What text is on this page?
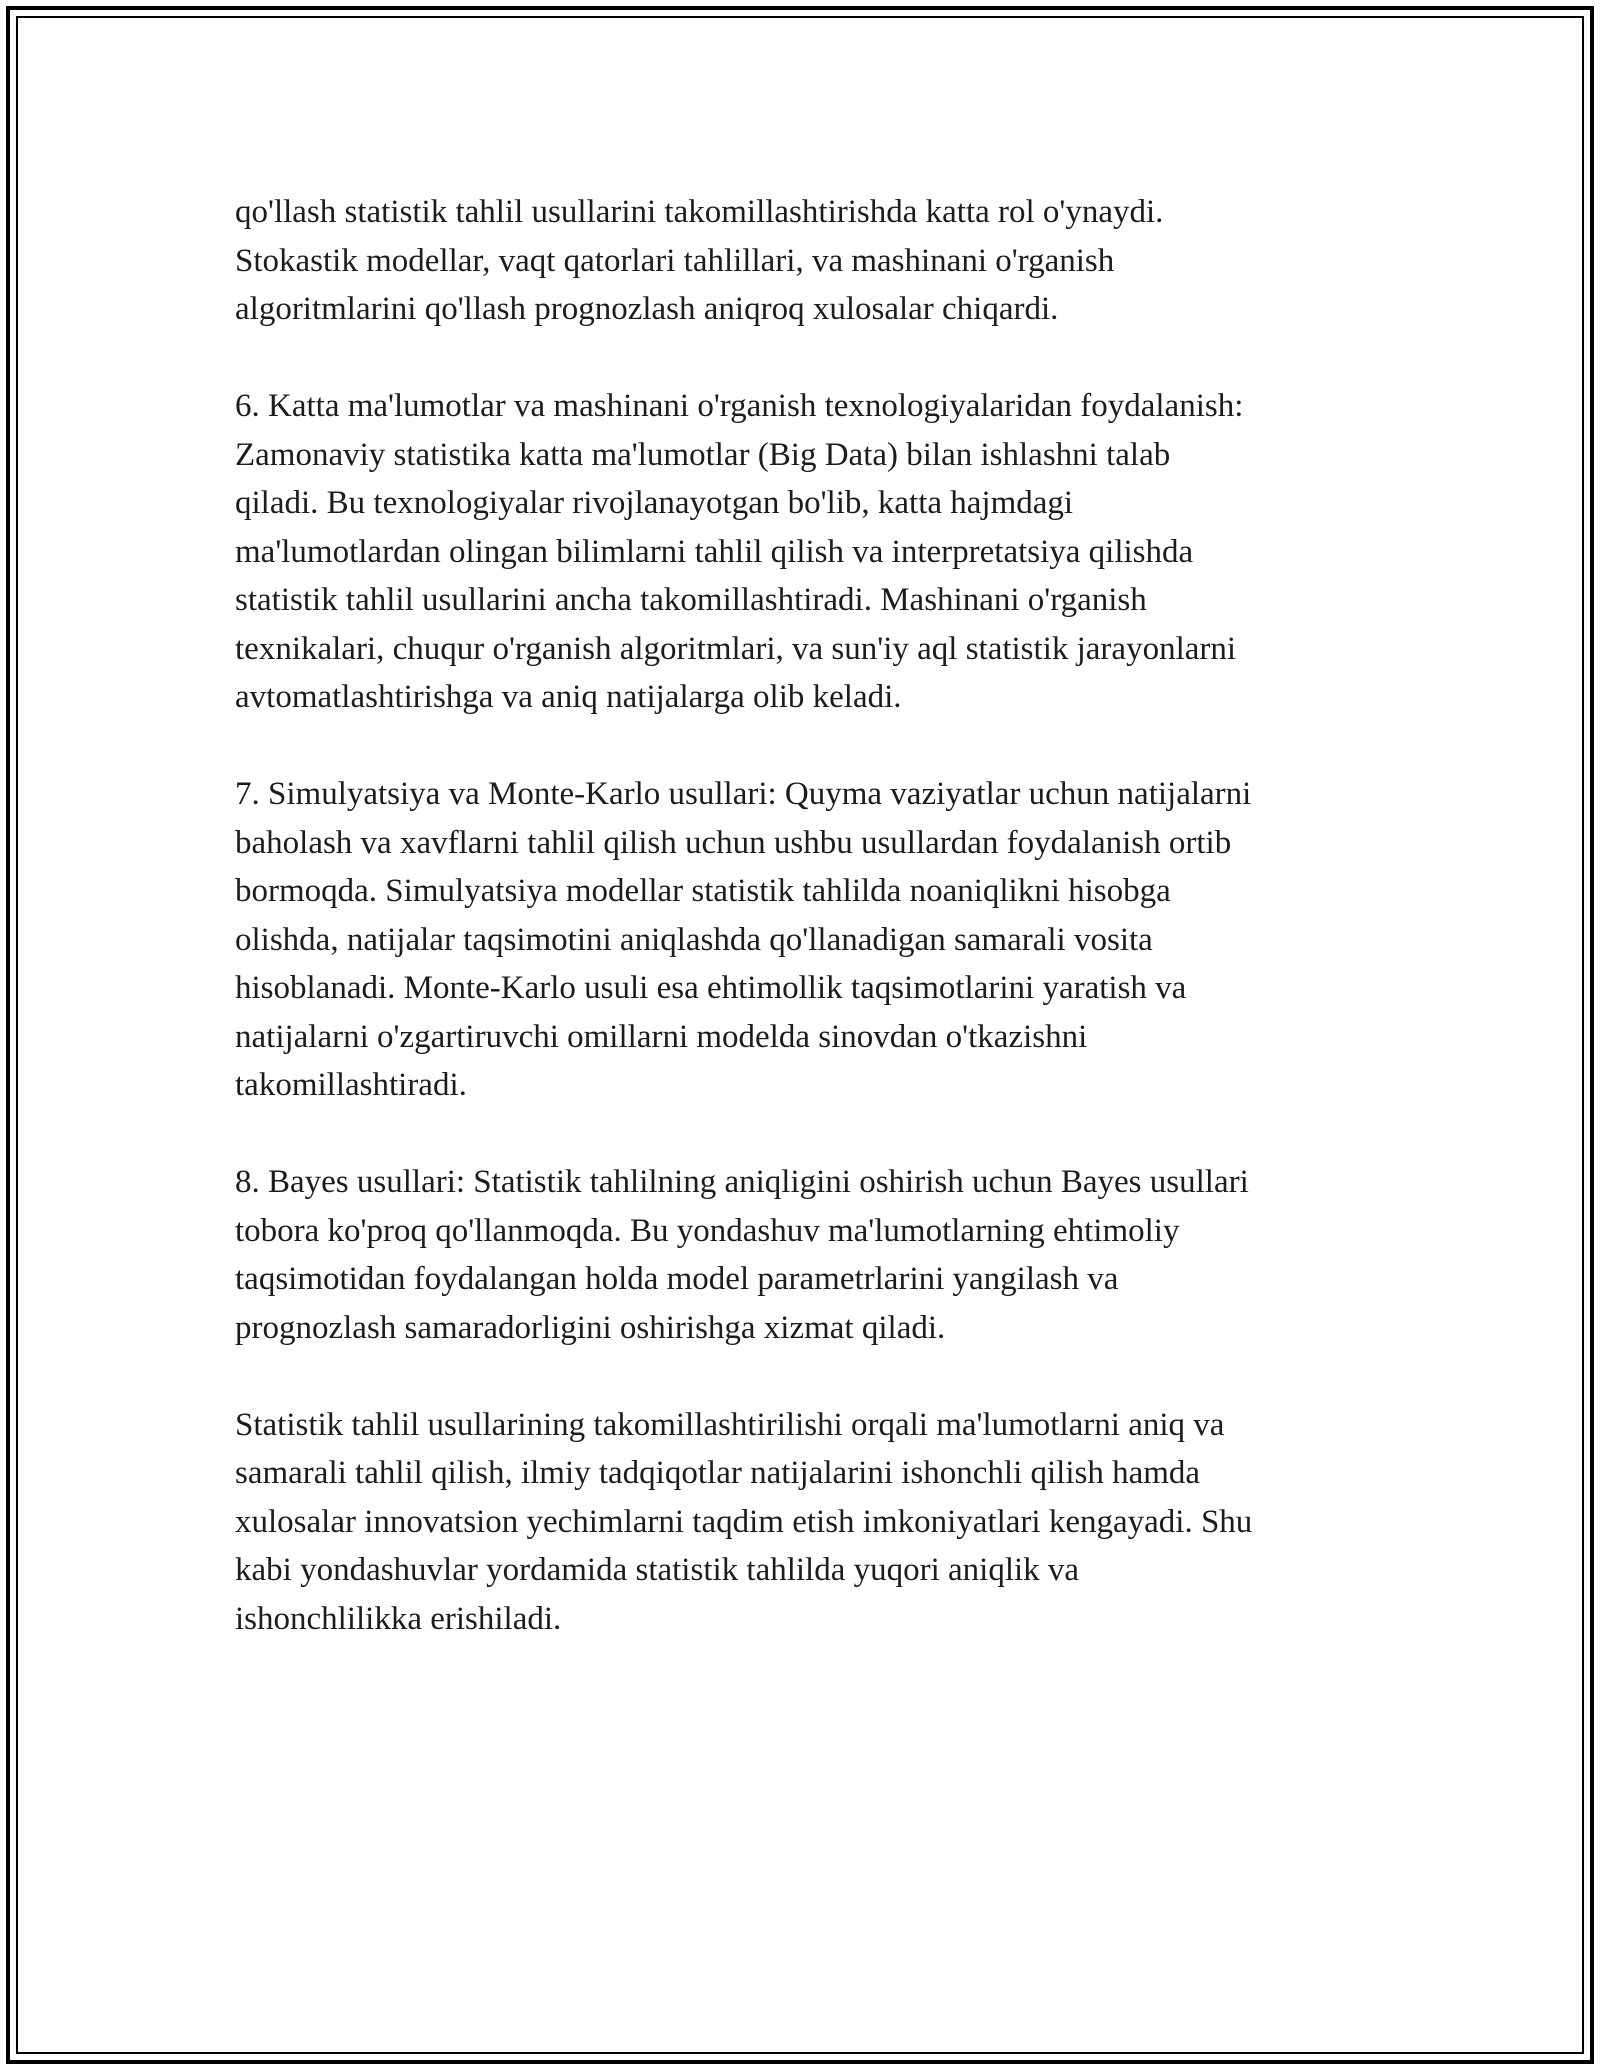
qo'llash statistik tahlil usullarini takomillashtirishda katta rol o'ynaydi.
Stokastik modellar, vaqt qatorlari tahlillari, va mashinani o'rganish
algoritmlarini qo'llash prognozlash aniqroq xulosalar chiqardi.

6. Katta ma'lumotlar va mashinani o'rganish texnologiyalaridan foydalanish:
Zamonaviy statistika katta ma'lumotlar (Big Data) bilan ishlashni talab
qiladi. Bu texnologiyalar rivojlanayotgan bo'lib, katta hajmdagi
ma'lumotlardan olingan bilimlarni tahlil qilish va interpretatsiya qilishda
statistik tahlil usullarini ancha takomillashtiradi. Mashinani o'rganish
texnikalari, chuqur o'rganish algoritmlari, va sun'iy aql statistik jarayonlarni
avtomatlashtirishga va aniq natijalarga olib keladi.

7. Simulyatsiya va Monte-Karlo usullari: Quyma vaziyatlar uchun natijalarni
baholash va xavflarni tahlil qilish uchun ushbu usullardan foydalanish ortib
bormoqda. Simulyatsiya modellar statistik tahlilda noaniqlikni hisobga
olishda, natijalar taqsimotini aniqlashda qo'llanadigan samarali vosita
hisoblanadi. Monte-Karlo usuli esa ehtimollik taqsimotlarini yaratish va
natijalarni o'zgartiruvchi omillarni modelda sinovdan o'tkazishni
takomillashtiradi.

8. Bayes usullari: Statistik tahlilning aniqligini oshirish uchun Bayes usullari
tobora ko'proq qo'llanmoqda. Bu yondashuv ma'lumotlarning ehtimoliy
taqsimotidan foydalangan holda model parametrlarini yangilash va
prognozlash samaradorligini oshirishga xizmat qiladi.

Statistik tahlil usullarining takomillashtirilishi orqali ma'lumotlarni aniq va
samarali tahlil qilish, ilmiy tadqiqotlar natijalarini ishonchli qilish hamda
xulosalar innovatsion yechimlarni taqdim etish imkoniyatlari kengayadi. Shu
kabi yondashuvlar yordamida statistik tahlilda yuqori aniqlik va
ishonchlilikka erishiladi.
